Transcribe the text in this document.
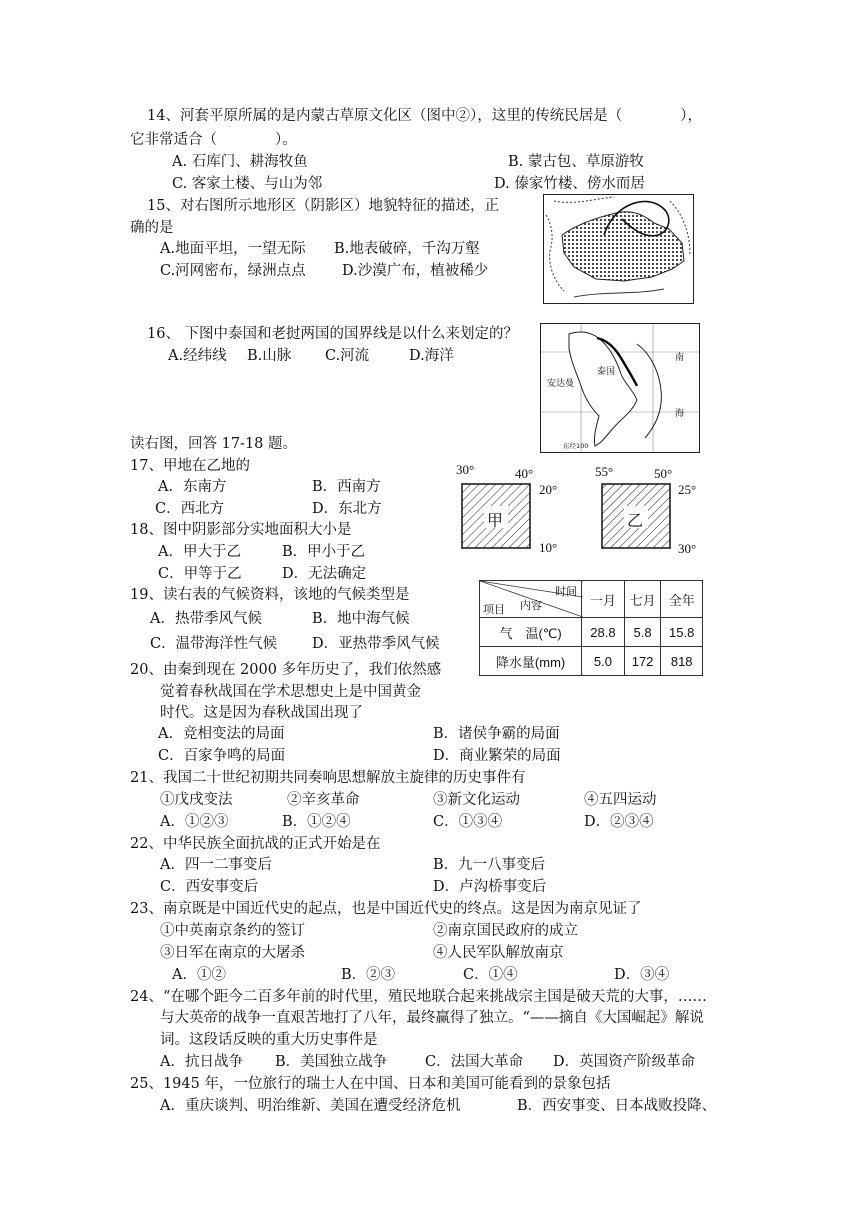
14、河套平原所属的是内蒙古草原文化区（图中②），这里的传统民居是（　　　　），
它非常适合（　　　　）。
A. 石库门、耕海牧鱼	B. 蒙古包、草原游牧
C. 客家土楼、与山为邻	D. 傣家竹楼、傍水而居
15、对右图所示地形区（阴影区）地貌特征的描述，正
确的是
A.地面平坦，一望无际 B.地表破碎，千沟万壑
C.河网密布，绿洲点点	D.沙漠广布，植被稀少
16、 下图中泰国和老挝两国的国界线是以什么来划定的？
A.经纬线 B.山脉 C.河流	D.海洋
泰国
安达曼
南
海
东经100
读右图，回答 17-18 题。
17、甲地在乙地的
A．东南方	B．西南方
C．西北方	D．东北方
18、图中阴影部分实地面积大小是
A．甲大于乙	B．甲小于乙
C．甲等于乙	D．无法确定
19、读右表的气候资料，该地的气候类型是
A．热带季风气候	B．地中海气候
C．温带海洋性气候 D．亚热带季风气候
30°	40°
20°
10°
甲
55°	50°
25°
30°
乙
时间
内容
项目	一月	七月	全年
气　温(℃)	28.8	5.8	15.8
降水量(mm)	5.0	172	818
20、由秦到现在 2000 多年历史了，我们依然感
觉着春秋战国在学术思想史上是中国黄金
时代。这是因为春秋战国出现了
A．竞相变法的局面	B．诸侯争霸的局面
C．百家争鸣的局面	D．商业繁荣的局面
21、我国二十世纪初期共同奏响思想解放主旋律的历史事件有
①戊戌变法	②辛亥革命	③新文化运动	④五四运动
A．①②③	B．①②④	C．①③④	D．②③④
22、中华民族全面抗战的正式开始是在
A．四一二事变后	B．九一八事变后
C．西安事变后	D．卢沟桥事变后
23、南京既是中国近代史的起点，也是中国近代史的终点。这是因为南京见证了
①中英南京条约的签订	②南京国民政府的成立
③日军在南京的大屠杀	④人民军队解放南京
A．①②	B．②③	C．①④	D．③④
24、“在哪个距今二百多年前的时代里，殖民地联合起来挑战宗主国是破天荒的大事，……
与大英帝的战争一直艰苦地打了八年，最终赢得了独立。“——摘自《大国崛起》解说
词。这段话反映的重大历史事件是
A．抗日战争 B．美国独立战争	C．法国大革命 D．英国资产阶级革命
25、1945 年，一位旅行的瑞士人在中国、日本和美国可能看到的景象包括
A．重庆谈判、明治维新、美国在遭受经济危机	B．西安事变、日本战败投降、
